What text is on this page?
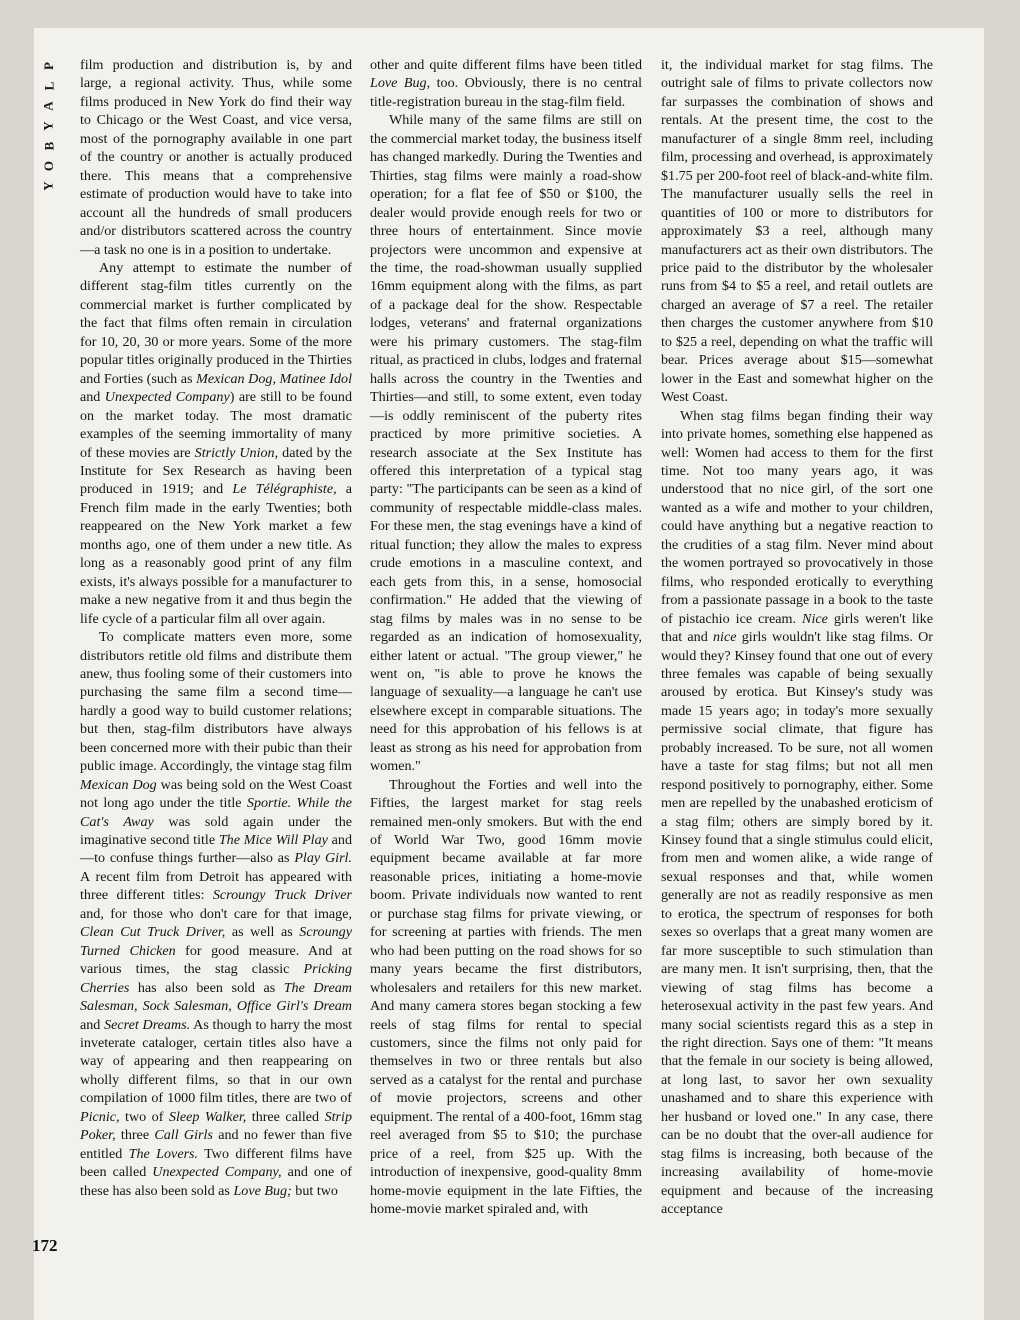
P
L
A
Y
B
O
Y

film production and distribution is, by and large, a regional activity. Thus, while some films produced in New York do find their way to Chicago or the West Coast, and vice versa, most of the pornography available in one part of the country or another is actually produced there. This means that a comprehensive estimate of production would have to take into account all the hundreds of small producers and/or distributors scattered across the country—a task no one is in a position to undertake.

Any attempt to estimate the number of different stag-film titles currently on the commercial market is further complicated by the fact that films often remain in circulation for 10, 20, 30 or more years. Some of the more popular titles originally produced in the Thirties and Forties (such as Mexican Dog, Matinee Idol and Unexpected Company) are still to be found on the market today. The most dramatic examples of the seeming immortality of many of these movies are Strictly Union, dated by the Institute for Sex Research as having been produced in 1919; and Le Télégraphiste, a French film made in the early Twenties; both reappeared on the New York market a few months ago, one of them under a new title. As long as a reasonably good print of any film exists, it's always possible for a manufacturer to make a new negative from it and thus begin the life cycle of a particular film all over again.

To complicate matters even more, some distributors retitle old films and distribute them anew, thus fooling some of their customers into purchasing the same film a second time—hardly a good way to build customer relations; but then, stag-film distributors have always been concerned more with their pubic than their public image. Accordingly, the vintage stag film Mexican Dog was being sold on the West Coast not long ago under the title Sportie. While the Cat's Away was sold again under the imaginative second title The Mice Will Play and—to confuse things further—also as Play Girl. A recent film from Detroit has appeared with three different titles: Scroungy Truck Driver and, for those who don't care for that image, Clean Cut Truck Driver, as well as Scroungy Turned Chicken for good measure. And at various times, the stag classic Pricking Cherries has also been sold as The Dream Salesman, Sock Salesman, Office Girl's Dream and Secret Dreams. As though to harry the most inveterate cataloger, certain titles also have a way of appearing and then reappearing on wholly different films, so that in our own compilation of 1000 film titles, there are two of Picnic, two of Sleep Walker, three called Strip Poker, three Call Girls and no fewer than five entitled The Lovers. Two different films have been called Unexpected Company, and one of these has also been sold as Love Bug; but two

other and quite different films have been titled Love Bug, too. Obviously, there is no central title-registration bureau in the stag-film field.

While many of the same films are still on the commercial market today, the business itself has changed markedly. During the Twenties and Thirties, stag films were mainly a road-show operation; for a flat fee of $50 or $100, the dealer would provide enough reels for two or three hours of entertainment. Since movie projectors were uncommon and expensive at the time, the road-showman usually supplied 16mm equipment along with the films, as part of a package deal for the show. Respectable lodges, veterans' and fraternal organizations were his primary customers. The stag-film ritual, as practiced in clubs, lodges and fraternal halls across the country in the Twenties and Thirties—and still, to some extent, even today—is oddly reminiscent of the puberty rites practiced by more primitive societies. A research associate at the Sex Institute has offered this interpretation of a typical stag party: "The participants can be seen as a kind of community of respectable middle-class males. For these men, the stag evenings have a kind of ritual function; they allow the males to express crude emotions in a masculine context, and each gets from this, in a sense, homosocial confirmation." He added that the viewing of stag films by males was in no sense to be regarded as an indication of homosexuality, either latent or actual. "The group viewer," he went on, "is able to prove he knows the language of sexuality—a language he can't use elsewhere except in comparable situations. The need for this approbation of his fellows is at least as strong as his need for approbation from women."

Throughout the Forties and well into the Fifties, the largest market for stag reels remained men-only smokers. But with the end of World War Two, good 16mm movie equipment became available at far more reasonable prices, initiating a home-movie boom. Private individuals now wanted to rent or purchase stag films for private viewing, or for screening at parties with friends. The men who had been putting on the road shows for so many years became the first distributors, wholesalers and retailers for this new market. And many camera stores began stocking a few reels of stag films for rental to special customers, since the films not only paid for themselves in two or three rentals but also served as a catalyst for the rental and purchase of movie projectors, screens and other equipment. The rental of a 400-foot, 16mm stag reel averaged from $5 to $10; the purchase price of a reel, from $25 up. With the introduction of inexpensive, good-quality 8mm home-movie equipment in the late Fifties, the home-movie market spiraled and, with

it, the individual market for stag films. The outright sale of films to private collectors now far surpasses the combination of shows and rentals. At the present time, the cost to the manufacturer of a single 8mm reel, including film, processing and overhead, is approximately $1.75 per 200-foot reel of black-and-white film. The manufacturer usually sells the reel in quantities of 100 or more to distributors for approximately $3 a reel, although many manufacturers act as their own distributors. The price paid to the distributor by the wholesaler runs from $4 to $5 a reel, and retail outlets are charged an average of $7 a reel. The retailer then charges the customer anywhere from $10 to $25 a reel, depending on what the traffic will bear. Prices average about $15—somewhat lower in the East and somewhat higher on the West Coast.

When stag films began finding their way into private homes, something else happened as well: Women had access to them for the first time. Not too many years ago, it was understood that no nice girl, of the sort one wanted as a wife and mother to your children, could have anything but a negative reaction to the crudities of a stag film. Never mind about the women portrayed so provocatively in those films, who responded erotically to everything from a passionate passage in a book to the taste of pistachio ice cream. Nice girls weren't like that and nice girls wouldn't like stag films. Or would they? Kinsey found that one out of every three females was capable of being sexually aroused by erotica. But Kinsey's study was made 15 years ago; in today's more sexually permissive social climate, that figure has probably increased. To be sure, not all women have a taste for stag films; but not all men respond positively to pornography, either. Some men are repelled by the unabashed eroticism of a stag film; others are simply bored by it. Kinsey found that a single stimulus could elicit, from men and women alike, a wide range of sexual responses and that, while women generally are not as readily responsive as men to erotica, the spectrum of responses for both sexes so overlaps that a great many women are far more susceptible to such stimulation than are many men. It isn't surprising, then, that the viewing of stag films has become a heterosexual activity in the past few years. And many social scientists regard this as a step in the right direction. Says one of them: "It means that the female in our society is being allowed, at long last, to savor her own sexuality unashamed and to share this experience with her husband or loved one." In any case, there can be no doubt that the over-all audience for stag films is increasing, both because of the increasing availability of home-movie equipment and because of the increasing acceptance

172
